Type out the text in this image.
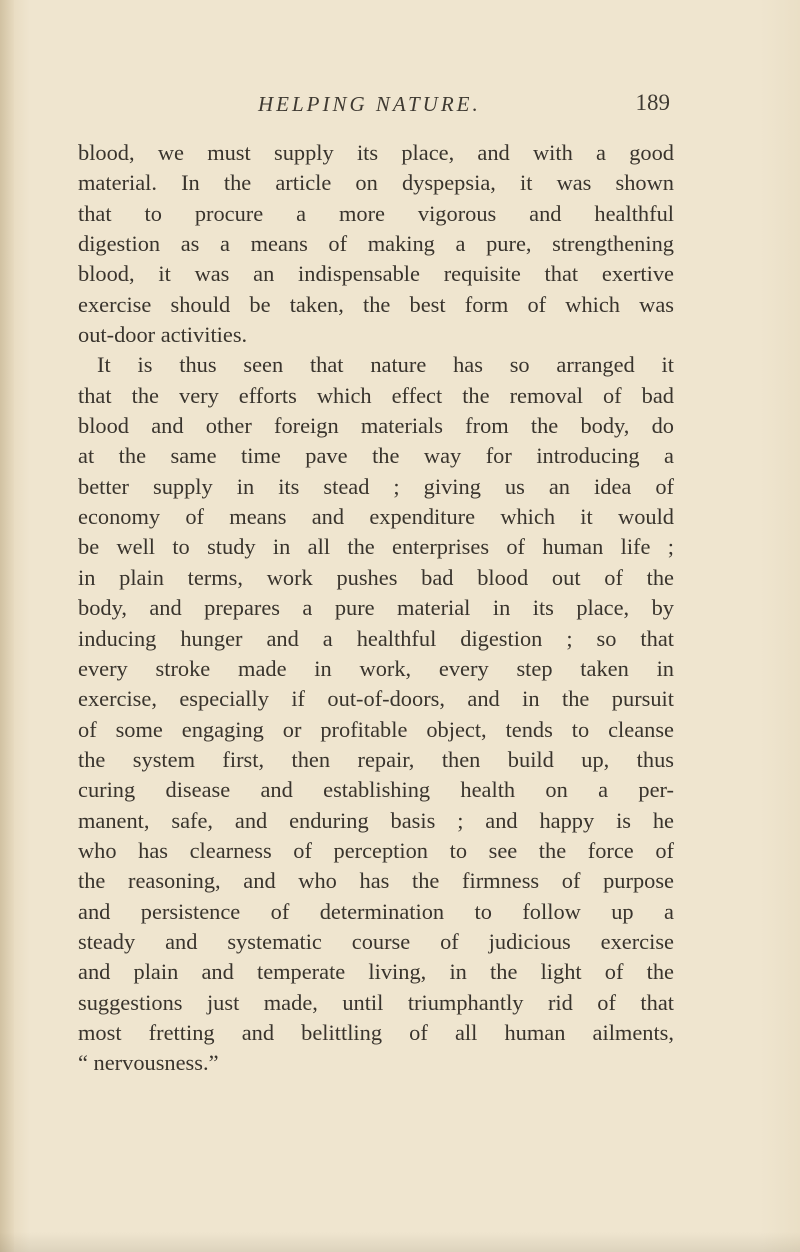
HELPING NATURE.	189
blood, we must supply its place, and with a good
material. In the article on dyspepsia, it was shown
that to procure a more vigorous and healthful
digestion as a means of making a pure, strengthening
blood, it was an indispensable requisite that exertive
exercise should be taken, the best form of which was
out-door activities.
It is thus seen that nature has so arranged it
that the very efforts which effect the removal of bad
blood and other foreign materials from the body, do
at the same time pave the way for introducing a
better supply in its stead ; giving us an idea of
economy of means and expenditure which it would
be well to study in all the enterprises of human life ;
in plain terms, work pushes bad blood out of the
body, and prepares a pure material in its place, by
inducing hunger and a healthful digestion ; so that
every stroke made in work, every step taken in
exercise, especially if out-of-doors, and in the pursuit
of some engaging or profitable object, tends to cleanse
the system first, then repair, then build up, thus
curing disease and establishing health on a per-
manent, safe, and enduring basis ; and happy is he
who has clearness of perception to see the force of
the reasoning, and who has the firmness of purpose
and persistence of determination to follow up a
steady and systematic course of judicious exercise
and plain and temperate living, in the light of the
suggestions just made, until triumphantly rid of that
most fretting and belittling of all human ailments,
“ nervousness.”
